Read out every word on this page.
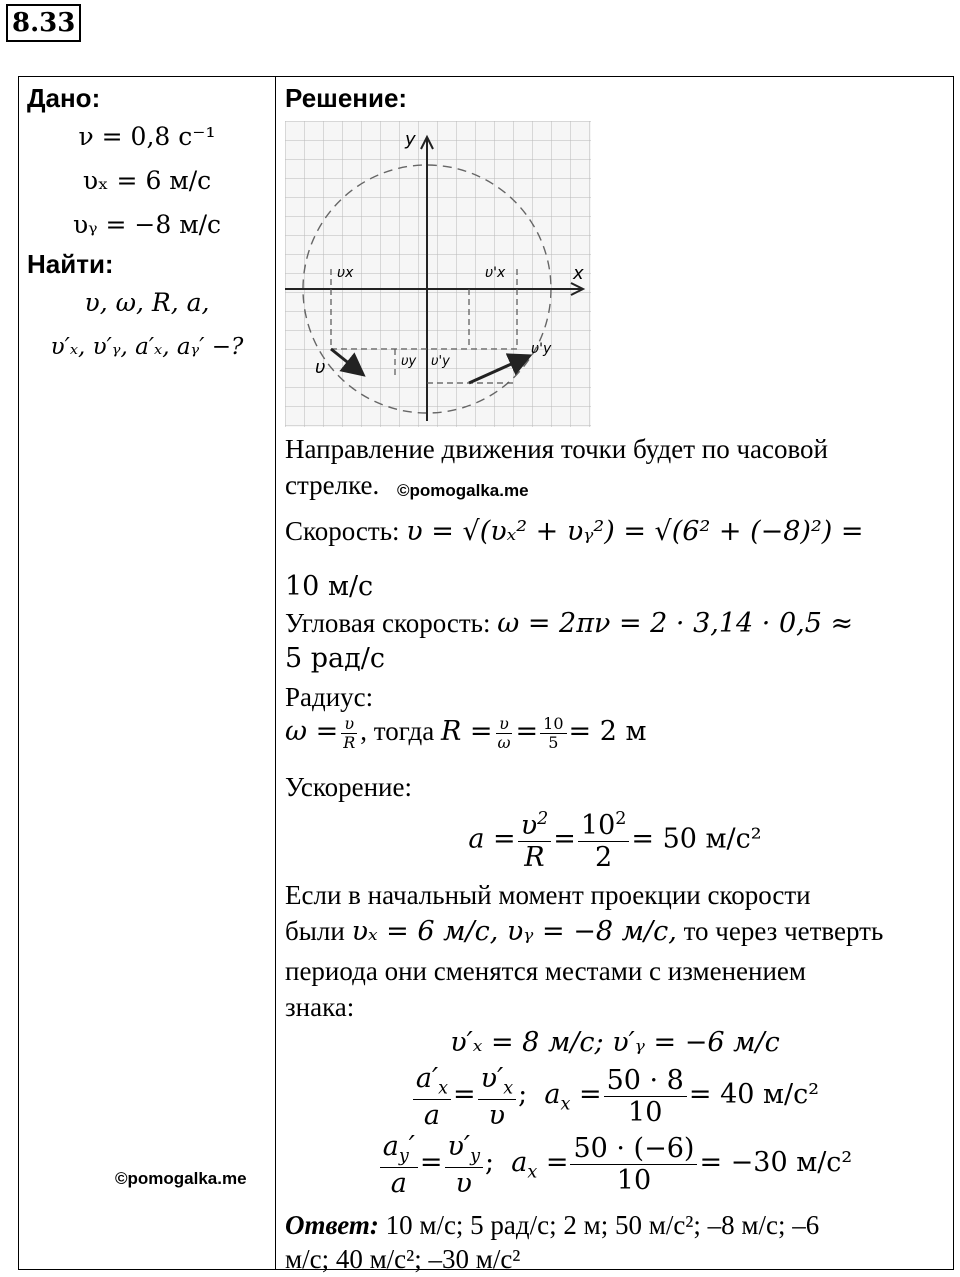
8.33
Дано:
ν = 0,8 с⁻¹
υₓ = 6 м/с
υᵧ = −8 м/с
Найти:
υ, ω, R, a,
υ′ₓ, υ′ᵧ, a′ₓ, aᵧ′ −?
©pomogalka.me
Решение:
y
x
υx	υ'x
υy υ'y
υ
υ'y
Направление движения точки будет по часовой
стрелке. ©pomogalka.me
Скорость: υ = √(υₓ² + υᵧ²) = √(6² + (−8)²) =
10 м/с
Угловая скорость: ω = 2πν = 2 · 3,14 · 0,5 ≈
5 рад/с
Радиус:
$\omega = \frac{\upsilon}{R}$ , тогда $R = \frac{\upsilon}{\omega} = \frac{10}{5} = 2$ м
Ускорение:
$a = \frac{\upsilon^2}{R} = \frac{10^2}{2} = 50$ м/с²
Если в начальный момент проекции скорости
были υₓ = 6 м/с, υᵧ = −8 м/с, то через четверть
периода они сменятся местами с изменением
знака:
υ′ₓ = 8 м/с; υ′ᵧ = −6 м/с
$\frac{a'_x}{a} = \frac{\upsilon'_x}{\upsilon}$ ;  $a_x = \frac{50 \cdot 8}{10} = 40$ м/с²
$\frac{a_y'}{a} = \frac{\upsilon'_y}{\upsilon}$ ;  $a_x = \frac{50 \cdot (-6)}{10} = -30$ м/с²
Ответ: 10 м/с; 5 рад/с; 2 м; 50 м/с²; –8 м/с; –6
м/с; 40 м/с²; –30 м/с²
